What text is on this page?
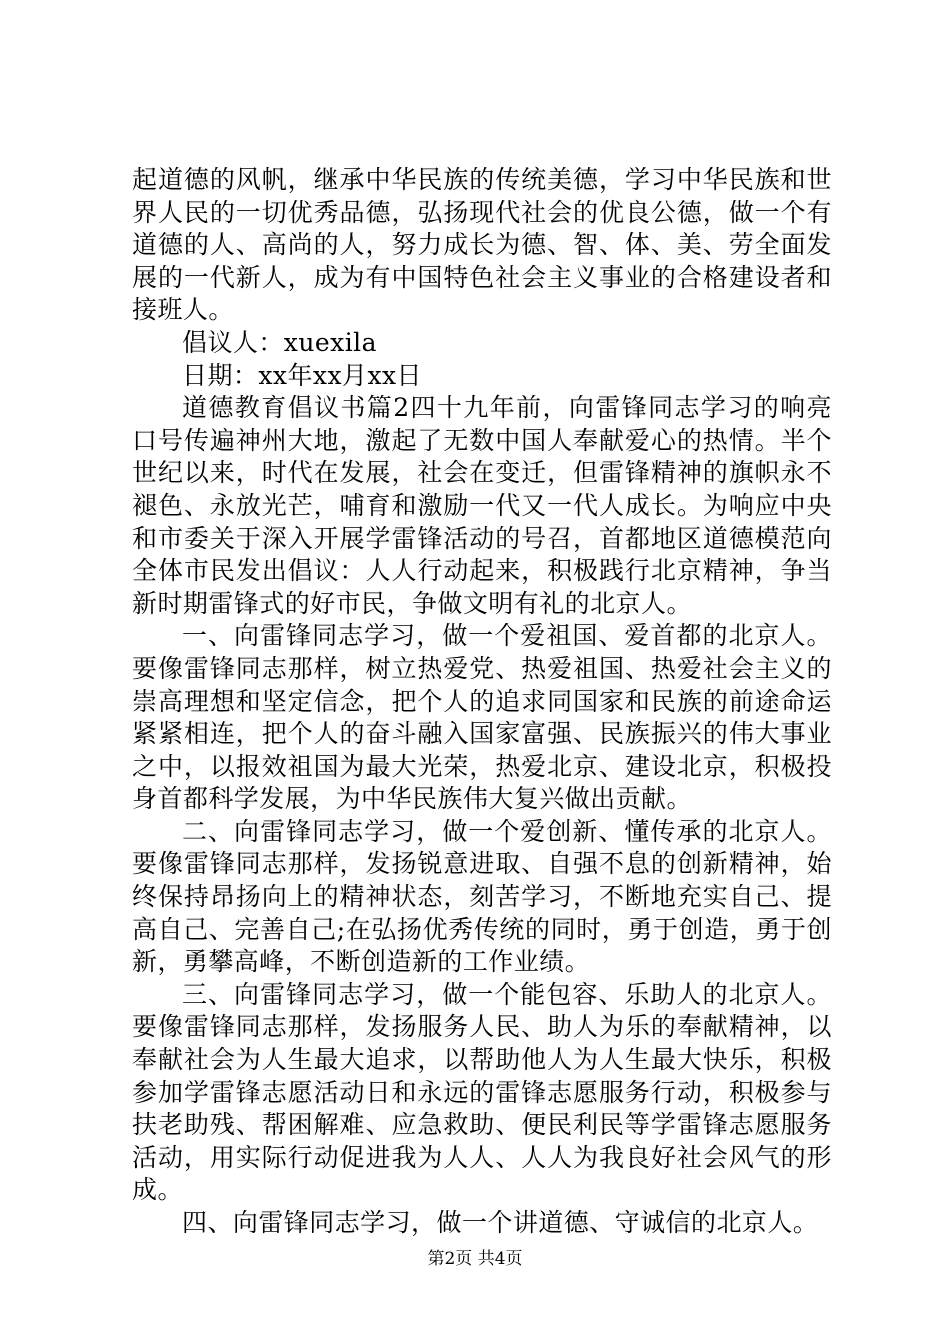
起道德的风帆，继承中华民族的传统美德，学习中华民族和世界人民的一切优秀品德，弘扬现代社会的优良公德，做一个有道德的人、高尚的人，努力成长为德、智、体、美、劳全面发展的一代新人，成为有中国特色社会主义事业的合格建设者和接班人。

倡议人：xuexila

日期：xx年xx月xx日

道德教育倡议书篇2四十九年前，向雷锋同志学习的响亮口号传遍神州大地，激起了无数中国人奉献爱心的热情。半个世纪以来，时代在发展，社会在变迁，但雷锋精神的旗帜永不褪色、永放光芒，哺育和激励一代又一代人成长。为响应中央和市委关于深入开展学雷锋活动的号召，首都地区道德模范向全体市民发出倡议：人人行动起来，积极践行北京精神，争当新时期雷锋式的好市民，争做文明有礼的北京人。

一、向雷锋同志学习，做一个爱祖国、爱首都的北京人。要像雷锋同志那样，树立热爱党、热爱祖国、热爱社会主义的崇高理想和坚定信念，把个人的追求同国家和民族的前途命运紧紧相连，把个人的奋斗融入国家富强、民族振兴的伟大事业之中，以报效祖国为最大光荣，热爱北京、建设北京，积极投身首都科学发展，为中华民族伟大复兴做出贡献。

二、向雷锋同志学习，做一个爱创新、懂传承的北京人。要像雷锋同志那样，发扬锐意进取、自强不息的创新精神，始终保持昂扬向上的精神状态，刻苦学习，不断地充实自己、提高自己、完善自己;在弘扬优秀传统的同时，勇于创造，勇于创新，勇攀高峰，不断创造新的工作业绩。

三、向雷锋同志学习，做一个能包容、乐助人的北京人。要像雷锋同志那样，发扬服务人民、助人为乐的奉献精神，以奉献社会为人生最大追求，以帮助他人为人生最大快乐，积极参加学雷锋志愿活动日和永远的雷锋志愿服务行动，积极参与扶老助残、帮困解难、应急救助、便民利民等学雷锋志愿服务活动，用实际行动促进我为人人、人人为我良好社会风气的形成。

四、向雷锋同志学习，做一个讲道德、守诚信的北京人。

第2页 共4页
